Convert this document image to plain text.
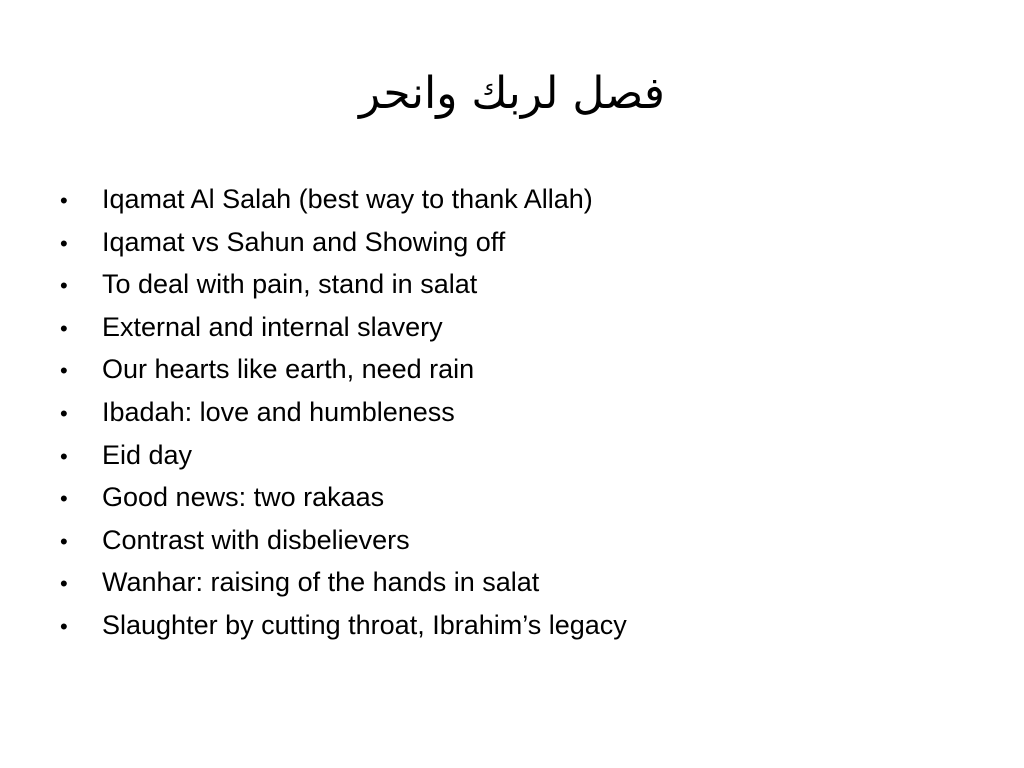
فصل لربك وانحر
•	Iqamat Al Salah (best way to thank Allah)
•	Iqamat vs Sahun and Showing off
•	To deal with pain, stand in salat
•	External and internal slavery
•	Our hearts like earth, need rain
•	Ibadah: love and humbleness
•	Eid day
•	Good news: two rakaas
•	Contrast with disbelievers
•	Wanhar: raising of the hands in salat
•	Slaughter by cutting throat, Ibrahim’s legacy
